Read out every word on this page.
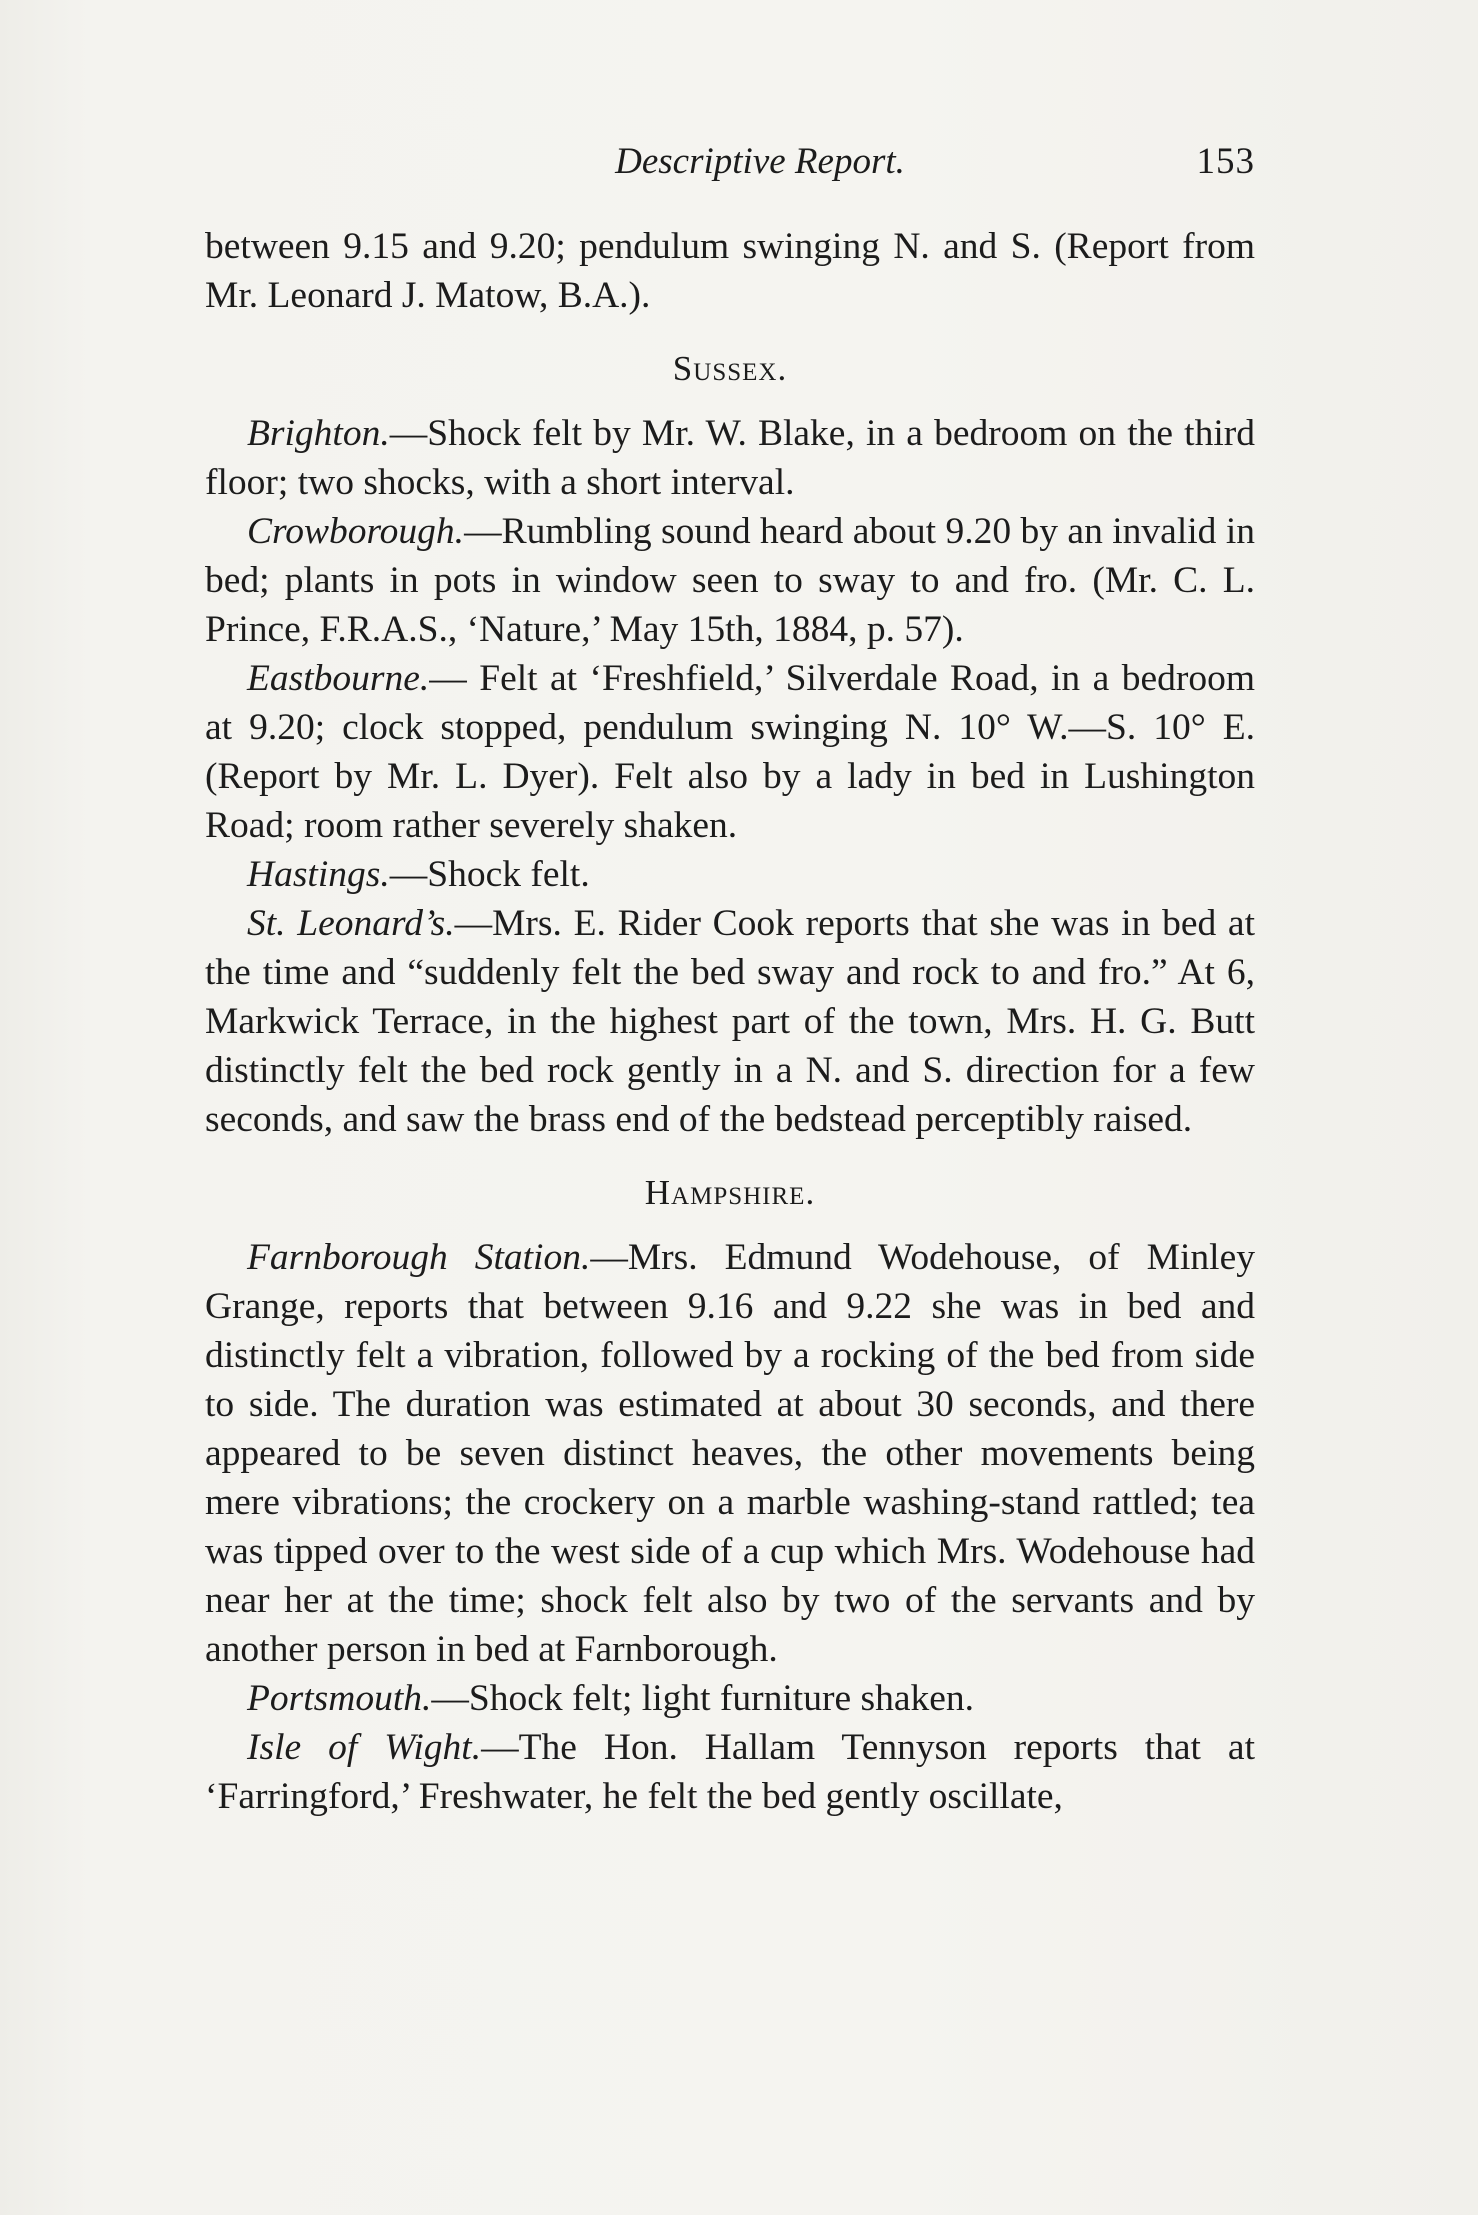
Descriptive Report.	153

between 9.15 and 9.20; pendulum swinging N. and S. (Report from Mr. Leonard J. Matow, B.A.).

Sussex.

Brighton.—Shock felt by Mr. W. Blake, in a bedroom on the third floor; two shocks, with a short interval.

Crowborough.—Rumbling sound heard about 9.20 by an invalid in bed; plants in pots in window seen to sway to and fro. (Mr. C. L. Prince, F.R.A.S., ‘Nature,’ May 15th, 1884, p. 57).

Eastbourne.— Felt at ‘Freshfield,’ Silverdale Road, in a bedroom at 9.20; clock stopped, pendulum swinging N. 10° W.—S. 10° E. (Report by Mr. L. Dyer). Felt also by a lady in bed in Lushington Road; room rather severely shaken.

Hastings.—Shock felt.

St. Leonard’s.—Mrs. E. Rider Cook reports that she was in bed at the time and “suddenly felt the bed sway and rock to and fro.” At 6, Markwick Terrace, in the highest part of the town, Mrs. H. G. Butt distinctly felt the bed rock gently in a N. and S. direction for a few seconds, and saw the brass end of the bedstead perceptibly raised.

Hampshire.

Farnborough Station.—Mrs. Edmund Wodehouse, of Minley Grange, reports that between 9.16 and 9.22 she was in bed and distinctly felt a vibration, followed by a rocking of the bed from side to side. The duration was estimated at about 30 seconds, and there appeared to be seven distinct heaves, the other movements being mere vibrations; the crockery on a marble washing-stand rattled; tea was tipped over to the west side of a cup which Mrs. Wodehouse had near her at the time; shock felt also by two of the servants and by another person in bed at Farnborough.

Portsmouth.—Shock felt; light furniture shaken.

Isle of Wight.—The Hon. Hallam Tennyson reports that at ‘Farringford,’ Freshwater, he felt the bed gently oscillate,
